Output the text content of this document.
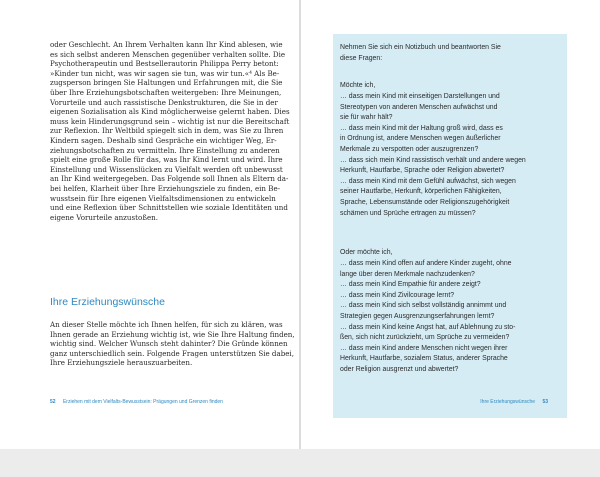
oder Geschlecht. An Ihrem Verhalten kann Ihr Kind ablesen, wie
es sich selbst anderen Menschen gegenüber verhalten sollte. Die
Psychotherapeutin und Bestsellerautorin Philippa Perry betont:
»Kinder tun nicht, was wir sagen sie tun, was wir tun.«⁴ Als Be-
zugsperson bringen Sie Haltungen und Erfahrungen mit, die Sie
über Ihre Erziehungsbotschaften weitergeben: Ihre Meinungen,
Vorurteile und auch rassistische Denkstrukturen, die Sie in der
eigenen Sozialisation als Kind möglicherweise gelernt haben. Dies
muss kein Hinderungsgrund sein – wichtig ist nur die Bereitschaft
zur Reflexion. Ihr Weltbild spiegelt sich in dem, was Sie zu Ihren
Kindern sagen. Deshalb sind Gespräche ein wichtiger Weg, Er-
ziehungsbotschaften zu vermitteln. Ihre Einstellung zu anderen
spielt eine große Rolle für das, was Ihr Kind lernt und wird. Ihre
Einstellung und Wissenslücken zu Vielfalt werden oft unbewusst
an Ihr Kind weitergegeben. Das Folgende soll Ihnen als Eltern da-
bei helfen, Klarheit über Ihre Erziehungsziele zu finden, ein Be-
wusstsein für Ihre eigenen Vielfaltsdimensionen zu entwickeln
und eine Reflexion über Schnittstellen wie soziale Identitäten und
eigene Vorurteile anzustoßen.
Ihre Erziehungswünsche
An dieser Stelle möchte ich Ihnen helfen, für sich zu klären, was
Ihnen gerade an Erziehung wichtig ist, wie Sie Ihre Haltung finden,
wichtig sind. Welcher Wunsch steht dahinter? Die Gründe können
ganz unterschiedlich sein. Folgende Fragen unterstützen Sie dabei,
Ihre Erziehungsziele herauszuarbeiten.
52 Erziehen mit dem Vielfalts-Bewusstsein: Prägungen und Grenzen finden
Nehmen Sie sich ein Notizbuch und beantworten Sie
diese Fragen:
Möchte ich,
… dass mein Kind mit einseitigen Darstellungen und
Stereotypen von anderen Menschen aufwächst und
sie für wahr hält?
… dass mein Kind mit der Haltung groß wird, dass es
in Ordnung ist, andere Menschen wegen äußerlicher
Merkmale zu verspotten oder auszugrenzen?
… dass sich mein Kind rassistisch verhält und andere wegen
Herkunft, Hautfarbe, Sprache oder Religion abwertet?
… dass mein Kind mit dem Gefühl aufwächst, sich wegen
seiner Hautfarbe, Herkunft, körperlichen Fähigkeiten,
Sprache, Lebensumstände oder Religionszugehörigkeit
schämen und Sprüche ertragen zu müssen?
Oder möchte ich,
… dass mein Kind offen auf andere Kinder zugeht, ohne
lange über deren Merkmale nachzudenken?
… dass mein Kind Empathie für andere zeigt?
… dass mein Kind Zivilcourage lernt?
… dass mein Kind sich selbst vollständig annimmt und
Strategien gegen Ausgrenzungserfahrungen lernt?
… dass mein Kind keine Angst hat, auf Ablehnung zu sto-
ßen, sich nicht zurückzieht, um Sprüche zu vermeiden?
… dass mein Kind andere Menschen nicht wegen ihrer
Herkunft, Hautfarbe, sozialem Status, anderer Sprache
oder Religion ausgrenzt und abwertet?
Ihre Erziehungswünsche 53
